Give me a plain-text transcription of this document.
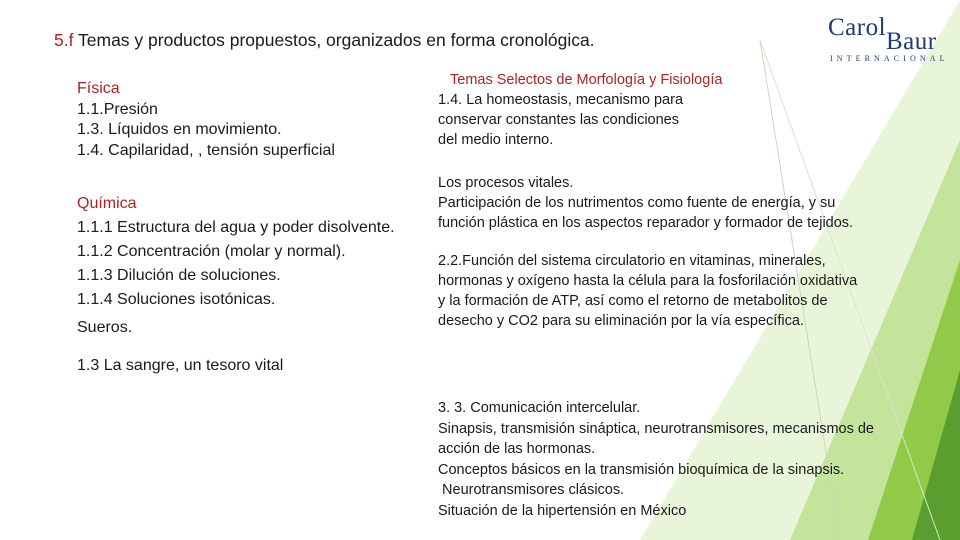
5.f Temas y productos propuestos, organizados en forma cronológica.	Carol
Baur
INTERNACIONAL
Física
1.1.Presión
1.3. Líquidos en movimiento.
1.4. Capilaridad, , tensión superficial
Química
1.1.1 Estructura del agua y poder disolvente.
1.1.2 Concentración (molar y normal).
1.1.3 Dilución de soluciones.
1.1.4 Soluciones isotónicas.
Sueros.
1.3 La sangre, un tesoro vital
Temas Selectos de Morfología y Fisiología
1.4. La homeostasis, mecanismo para
conservar constantes las condiciones
del medio interno.
Los procesos vitales.
Participación de los nutrimentos como fuente de energía, y su
función plástica en los aspectos reparador y formador de tejidos.
2.2.Función del sistema circulatorio en vitaminas, minerales,
hormonas y oxígeno hasta la célula para la fosforilación oxidativa
y la formación de ATP, así como el retorno de metabolitos de
desecho y CO2 para su eliminación por la vía específica.
3. 3. Comunicación intercelular.
Sinapsis, transmisión sináptica, neurotransmisores, mecanismos de
acción de las hormonas.
Conceptos básicos en la transmisión bioquímica de la sinapsis.
Neurotransmisores clásicos.
Situación de la hipertensión en México
